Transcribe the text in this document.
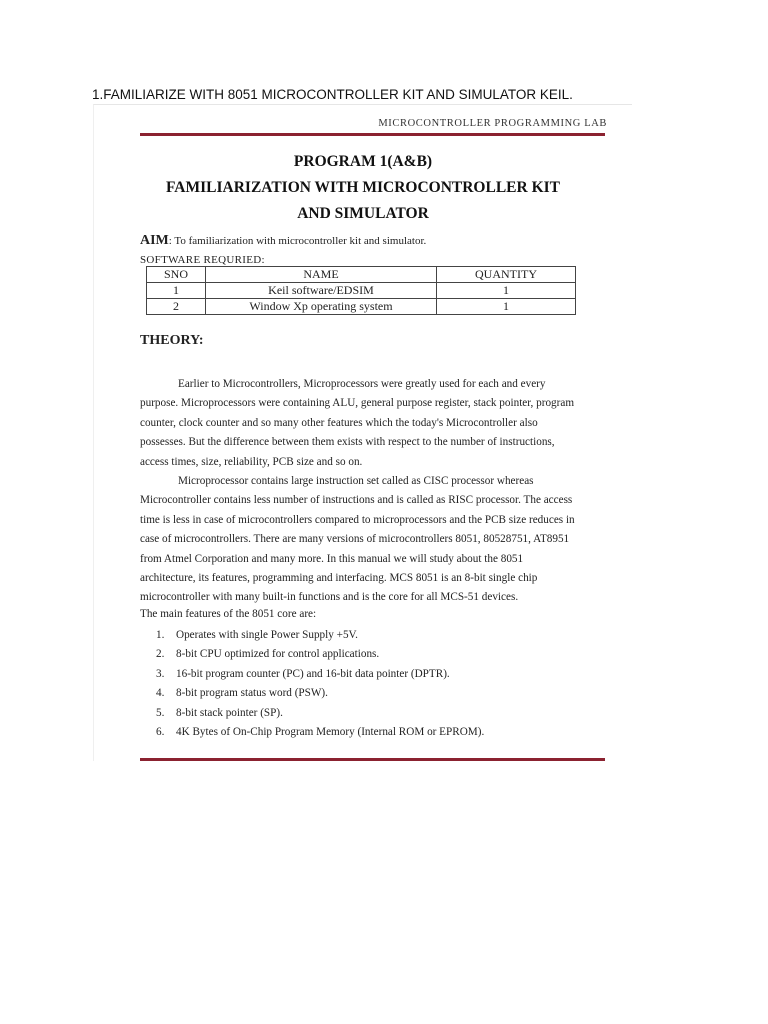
1.FAMILIARIZE WITH 8051 MICROCONTROLLER KIT AND SIMULATOR KEIL.
MICROCONTROLLER PROGRAMMING LAB
PROGRAM 1(A&B)
FAMILIARIZATION WITH MICROCONTROLLER KIT
AND SIMULATOR
AIM: To familiarization with microcontroller kit and simulator.
SOFTWARE REQURIED:
SNO	NAME	QUANTITY
1	Keil software/EDSIM	1
2	Window Xp operating system	1
THEORY:
Earlier to Microcontrollers, Microprocessors were greatly used for each and every
purpose. Microprocessors were containing ALU, general purpose register, stack pointer, program
counter, clock counter and so many other features which the today's Microcontroller also
possesses. But the difference between them exists with respect to the number of instructions,
access times, size, reliability, PCB size and so on.
Microprocessor contains large instruction set called as CISC processor whereas
Microcontroller contains less number of instructions and is called as RISC processor. The access
time is less in case of microcontrollers compared to microprocessors and the PCB size reduces in
case of microcontrollers. There are many versions of microcontrollers 8051, 80528751, AT8951
from Atmel Corporation and many more. In this manual we will study about the 8051
architecture, its features, programming and interfacing. MCS 8051 is an 8-bit single chip
microcontroller with many built-in functions and is the core for all MCS-51 devices.
The main features of the 8051 core are:
1. Operates with single Power Supply +5V.
2. 8-bit CPU optimized for control applications.
3. 16-bit program counter (PC) and 16-bit data pointer (DPTR).
4. 8-bit program status word (PSW).
5. 8-bit stack pointer (SP).
6. 4K Bytes of On-Chip Program Memory (Internal ROM or EPROM).
